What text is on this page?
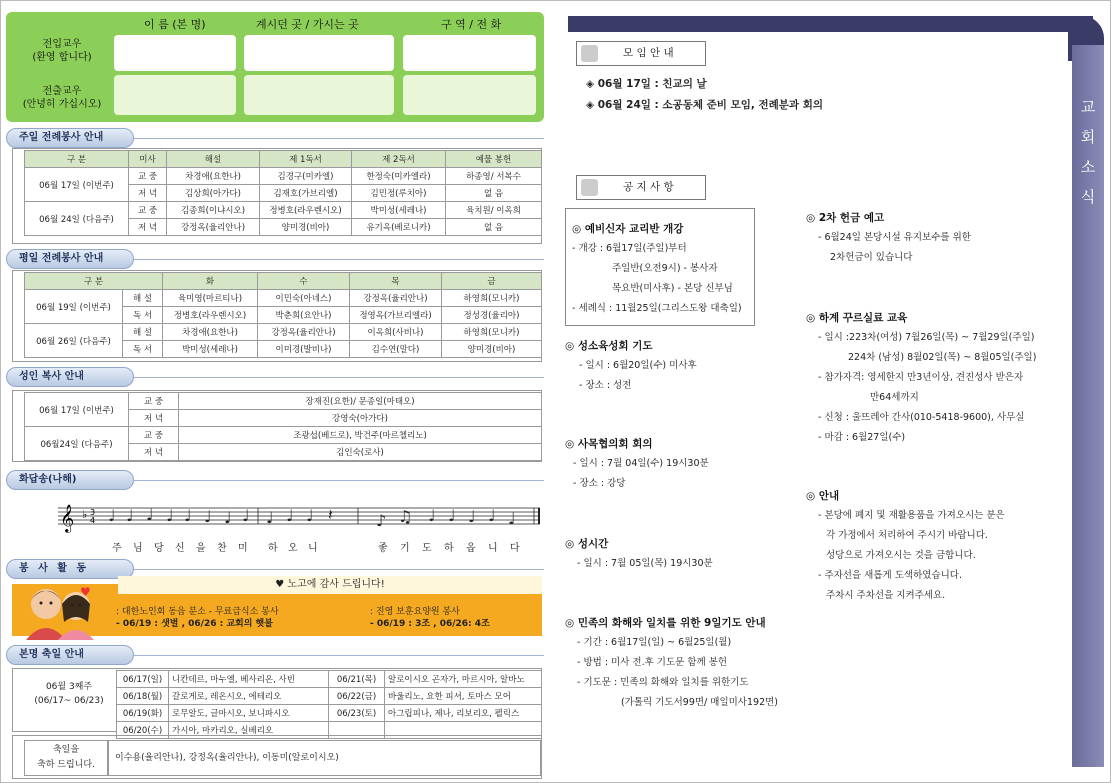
이 름 (본 명)	계시던 곳 / 가시는 곳	구 역 / 전 화
전입교우
(환영 합니다)
전출교우
(안녕히 가십시오)
주일 전례봉사 안내
구 분	미사	해설	제 1독서	제 2독서	예물 봉헌
06월 17일 (이번주)	교 중	차경애(요한나)	김경구(미카엘)	한정숙(미카엘라)	하종영/ 서복수
	저 녁	김상희(아가다)	김재호(가브리엘)	김민정(루치아)	없 음
06월 24일 (다음주)	교 중	김종희(이냐시오)	정병호(라우렌시오)	박미성(세레나)	육치원/ 이옥희
	저 녁	강정옥(율리안나)	양미경(비아)	유기옥(베로니카)	없 음
평일 전례봉사 안내
구 분		화	수	목	금
06월 19일 (이번주)	해 설	육미영(마르티나)	이민숙(아네스)	강정옥(율리안나)	하영희(모니카)
	독 서	정병호(라우렌시오)	박춘희(요안나)	정영옥(가브리엘라)	정성경(율리아)
06월 26일 (다음주)	해 설	차경애(요한나)	강정옥(율리안나)	이옥희(사비나)	하영희(모니카)
	독 서	박미성(세레나)	이미경(발비나)	김수연(말다)	양미경(비아)
성인 복사 안내
06월 17일 (이번주)	교 중	장재진(요한)/ 문종일(마태오)
	저 녁	강영숙(아가다)
06월24일 (다음주)	교 중	조광섭(베드로), 박건주(마르첼리노)
	저 녁	김인숙(로사)
화답송(나해)
𝄞 ♭ 3
4 ♩ ♩ ♩ ♩ ♩ ♩ ♩ ♩ ♩ ♩ ♩ 𝄽	♪ ♫ ♩ ♩ ♩ ♩ ♩
주 님 당 신 을 찬 미 하 오 니	좋 기 도 하 옵 니 다
봉 사 활 동
♥ 노고에 감사 드립니다!
♥
: 대한노인회 동읍 분소 - 무료급식소 봉사
- 06/19 : 샛별 , 06/26 : 교회의 햇불
: 진영 보훈요양원 봉사
- 06/19 : 3조 , 06/26: 4조
본명 축일 안내
06월 3째주
(06/17~ 06/23)
06/17(일)	니칸데르, 마누엘, 베사리온, 사빈	06/21(목)	알로이시오 곤자가, 마르시아, 알바노
06/18(월)	갈로게로, 레온시오, 에테리오	06/22(금)	바울리노, 요한 피셔, 토마스 모어
06/19(화)	로무알도, 글마시오, 보니파시오	06/23(토)	아그립피나, 제나, 리보리오, 펠릭스
06/20(수)	가시아, 마카리오, 실베리오		
축일을
축하 드립니다.
이수용(율리안나), 강정옥(율리안나), 이동미(알로이시오)
교
회
소
식
모 임 안 내
◈ 06월 17일 : 친교의 날
◈ 06월 24일 : 소공동체 준비 모임, 전례분과 회의
공 지 사 항
◎ 예비신자 교리반 개강
- 개강 : 6월17일(주일)부터
주일반(오전9시) - 봉사자
목요반(미사후) - 본당 신부님
- 세례식 : 11월25일(그리스도왕 대축일)
◎ 성소육성회 기도
- 일시 : 6월20일(수) 미사후
- 장소 : 성전
◎ 사목협의회 회의
- 일시 : 7월 04일(수) 19시30분
- 장소 : 강당
◎ 성시간
- 일시 : 7월 05일(목) 19시30분
◎ 민족의 화해와 일치를 위한 9일기도 안내
- 기간 : 6월17일(일) ~ 6월25일(월)
- 방법 : 미사 전.후 기도문 함께 봉헌
- 기도문 : 민족의 화해와 일치를 위한기도
(가톨릭 기도서99면/ 매일미사192면)
◎ 2차 헌금 예고
- 6월24일 본당시설 유지보수를 위한
2차헌금이 있습니다
◎ 하계 꾸르실료 교육
- 일시 :223차(여성) 7월26일(목) ~ 7월29일(주일)
224차 (남성) 8월02일(목) ~ 8월05일(주일)
- 참가자격: 영세한지 만3년이상, 견진성사 받은자
만64세까지
- 신청 : 울뜨레아 간사(010-5418-9600), 사무실
- 마감 : 6월27일(수)
◎ 안내
- 본당에 폐지 및 재활용품을 가져오시는 분은
각 가정에서 처리하여 주시기 바랍니다.
성당으로 가져오시는 것을 금합니다.
- 주자선을 새롭게 도색하였습니다.
주차시 주차선을 지켜주세요.
